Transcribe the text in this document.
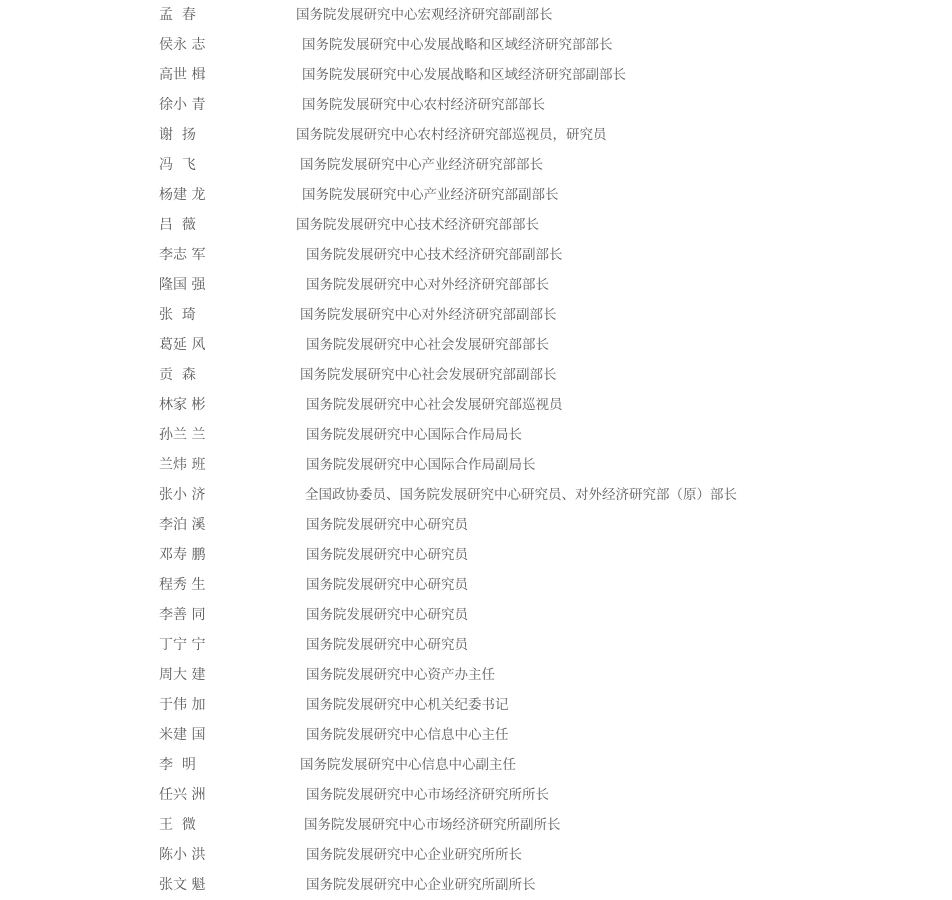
孟  春	国务院发展研究中心宏观经济研究部副部长
侯永 志	国务院发展研究中心发展战略和区域经济研究部部长
高世 楫	国务院发展研究中心发展战略和区域经济研究部副部长
徐小 青	国务院发展研究中心农村经济研究部部长
谢  扬	国务院发展研究中心农村经济研究部巡视员，研究员
冯  飞	国务院发展研究中心产业经济研究部部长
杨建 龙	国务院发展研究中心产业经济研究部副部长
吕  薇	国务院发展研究中心技术经济研究部部长
李志 军	国务院发展研究中心技术经济研究部副部长
隆国 强	国务院发展研究中心对外经济研究部部长
张  琦	国务院发展研究中心对外经济研究部副部长
葛延 风	国务院发展研究中心社会发展研究部部长
贡  森	国务院发展研究中心社会发展研究部副部长
林家 彬	国务院发展研究中心社会发展研究部巡视员
孙兰 兰	国务院发展研究中心国际合作局局长
兰炜 班	国务院发展研究中心国际合作局副局长
张小 济	全国政协委员、国务院发展研究中心研究员、对外经济研究部（原）部长
李泊 溪	国务院发展研究中心研究员
邓寿 鹏	国务院发展研究中心研究员
程秀 生	国务院发展研究中心研究员
李善 同	国务院发展研究中心研究员
丁宁 宁	国务院发展研究中心研究员
周大 建	国务院发展研究中心资产办主任
于伟 加	国务院发展研究中心机关纪委书记
米建 国	国务院发展研究中心信息中心主任
李  明	国务院发展研究中心信息中心副主任
任兴 洲	国务院发展研究中心市场经济研究所所长
王  微	国务院发展研究中心市场经济研究所副所长
陈小 洪	国务院发展研究中心企业研究所所长
张文 魁	国务院发展研究中心企业研究所副所长
